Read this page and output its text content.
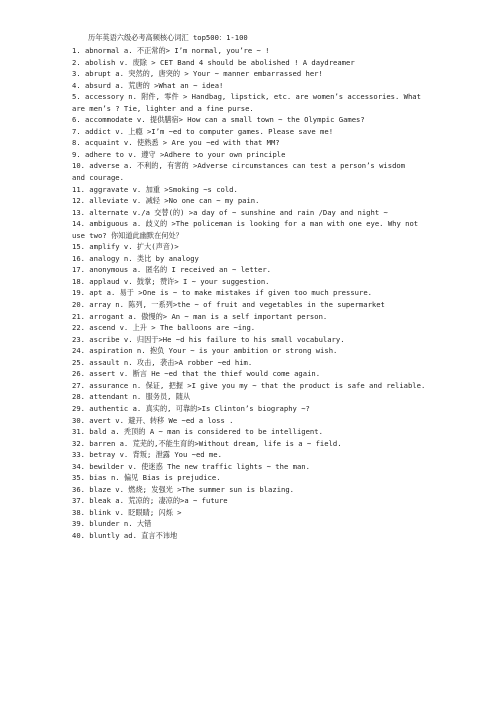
历年英语六级必考高频核心词汇 top500：1-100
1. abnormal a. 不正常的> I’m normal, you’re ~ !
2. abolish v. 废除 > CET Band 4 should be abolished ! A daydreamer
3. abrupt a. 突然的, 唐突的 > Your ~ manner embarrassed her!
4. absurd a. 荒唐的 >What an ~ idea!
5. accessory n. 附件, 零件 > Handbag, lipstick, etc. are women’s accessories. What
are men’s ? Tie, lighter and a fine purse.
6. accommodate v. 提供膳宿> How can a small town ~ the Olympic Games?
7. addict v. 上瘾 >I’m ~ed to computer games. Please save me!
8. acquaint v. 使熟悉 > Are you ~ed with that MM?
9. adhere to v. 遵守 >Adhere to your own principle
10. adverse a. 不利的, 有害的 >Adverse circumstances can test a person’s wisdom
and courage.
11. aggravate v. 加重 >Smoking ~s cold.
12. alleviate v. 减轻 >No one can ~ my pain.
13. alternate v./a 交替(的) >a day of ~ sunshine and rain /Day and night ~
14. ambiguous a. 歧义的 >The policeman is looking for a man with one eye. Why not
use two? 你知道此幽默在何处？
15. amplify v. 扩大(声音)>
16. analogy n. 类比 by analogy
17. anonymous a. 匿名的 I received an ~ letter.
18. applaud v. 鼓掌; 赞许> I ~ your suggestion.
19. apt a. 易于 >One is ~ to make mistakes if given too much pressure.
20. array n. 陈列, 一系列>the ~ of fruit and vegetables in the supermarket
21. arrogant a. 傲慢的> An ~ man is a self important person.
22. ascend v. 上升 > The balloons are ~ing.
23. ascribe v. 归因于>He ~d his failure to his small vocabulary.
24. aspiration n. 抱负 Your ~ is your ambition or strong wish.
25. assault n. 攻击, 袭击>A robber ~ed him.
26. assert v. 断言 He ~ed that the thief would come again.
27. assurance n. 保证, 把握 >I give you my ~ that the product is safe and reliable.
28. attendant n. 服务员, 随从
29. authentic a. 真实的, 可靠的>Is Clinton’s biography ~?
30. avert v. 避开、转移 We ~ed a loss .
31. bald a. 秃顶的 A ~ man is considered to be intelligent.
32. barren a. 荒芜的,不能生育的>Without dream, life is a ~ field.
33. betray v. 背叛; 泄露 You ~ed me.
34. bewilder v. 使迷惑 The new traffic lights ~ the man.
35. bias n. 偏见 Bias is prejudice.
36. blaze v. 燃烧; 发强光 >The summer sun is blazing.
37. bleak a. 荒凉的; 凄凉的>a ~ future
38. blink v. 眨眼睛; 闪烁 >
39. blunder n. 大错
40. bluntly ad. 直言不讳地
